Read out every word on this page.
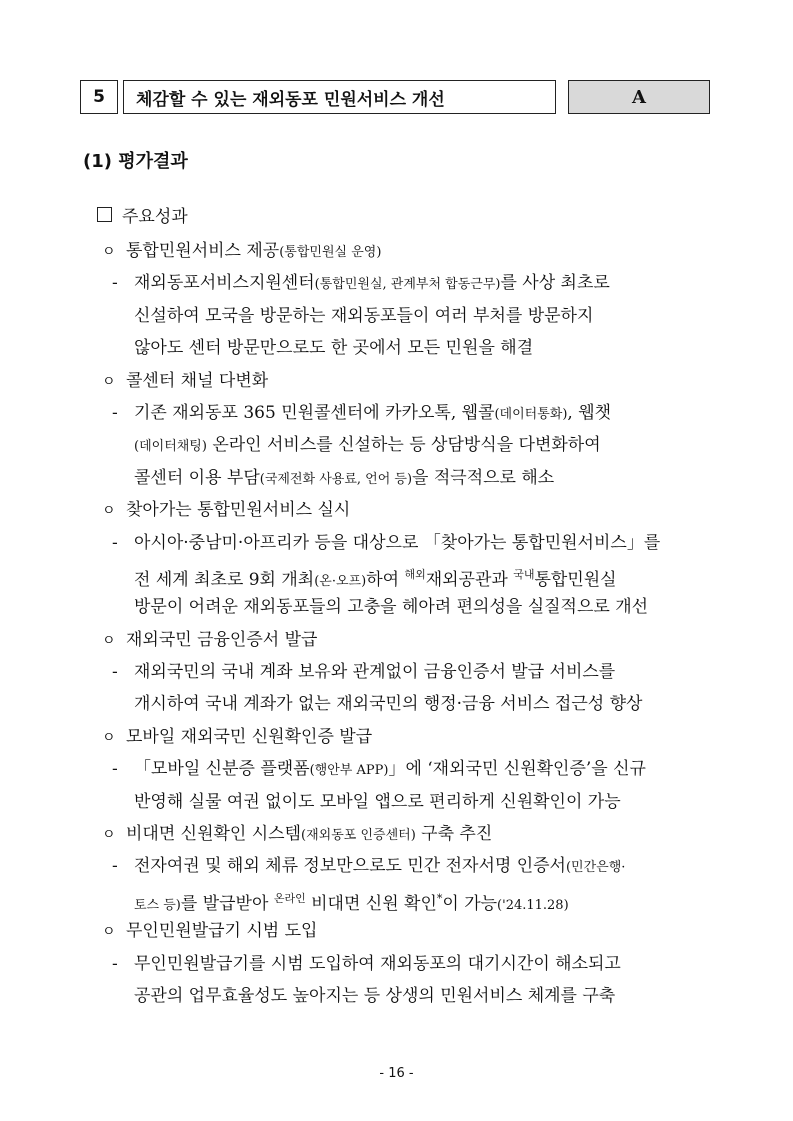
5 체감할 수 있는 재외동포 민원서비스 개선	A
(1) 평가결과
주요성과
ㅇ 통합민원서비스 제공(통합민원실 운영)
- 재외동포서비스지원센터(통합민원실, 관계부처 합동근무)를 사상 최초로
신설하여 모국을 방문하는 재외동포들이 여러 부처를 방문하지
않아도 센터 방문만으로도 한 곳에서 모든 민원을 해결
ㅇ 콜센터 채널 다변화
- 기존 재외동포 365 민원콜센터에 카카오톡, 웹콜(데이터통화), 웹챗
(데이터채팅) 온라인 서비스를 신설하는 등 상담방식을 다변화하여
콜센터 이용 부담(국제전화 사용료, 언어 등)을 적극적으로 해소
ㅇ 찾아가는 통합민원서비스 실시
- 아시아·중남미·아프리카 등을 대상으로 「찾아가는 통합민원서비스」를
전 세계 최초로 9회 개최(온·오프)하여 $^{해외}$재외공관과 $^{국내}$통합민원실
방문이 어려운 재외동포들의 고충을 헤아려 편의성을 실질적으로 개선
ㅇ 재외국민 금융인증서 발급
- 재외국민의 국내 계좌 보유와 관계없이 금융인증서 발급 서비스를
개시하여 국내 계좌가 없는 재외국민의 행정·금융 서비스 접근성 향상
ㅇ 모바일 재외국민 신원확인증 발급
- 「모바일 신분증 플랫폼(행안부 APP)」에 ‘재외국민 신원확인증’을 신규
반영해 실물 여권 없이도 모바일 앱으로 편리하게 신원확인이 가능
ㅇ 비대면 신원확인 시스템(재외동포 인증센터) 구축 추진
- 전자여권 및 해외 체류 정보만으로도 민간 전자서명 인증서(민간은행·
토스 등)를 발급받아 $^{온라인}$ 비대면 신원 확인*이 가능('24.11.28)
ㅇ 무인민원발급기 시범 도입
- 무인민원발급기를 시범 도입하여 재외동포의 대기시간이 해소되고
공관의 업무효율성도 높아지는 등 상생의 민원서비스 체계를 구축
- 16 -
